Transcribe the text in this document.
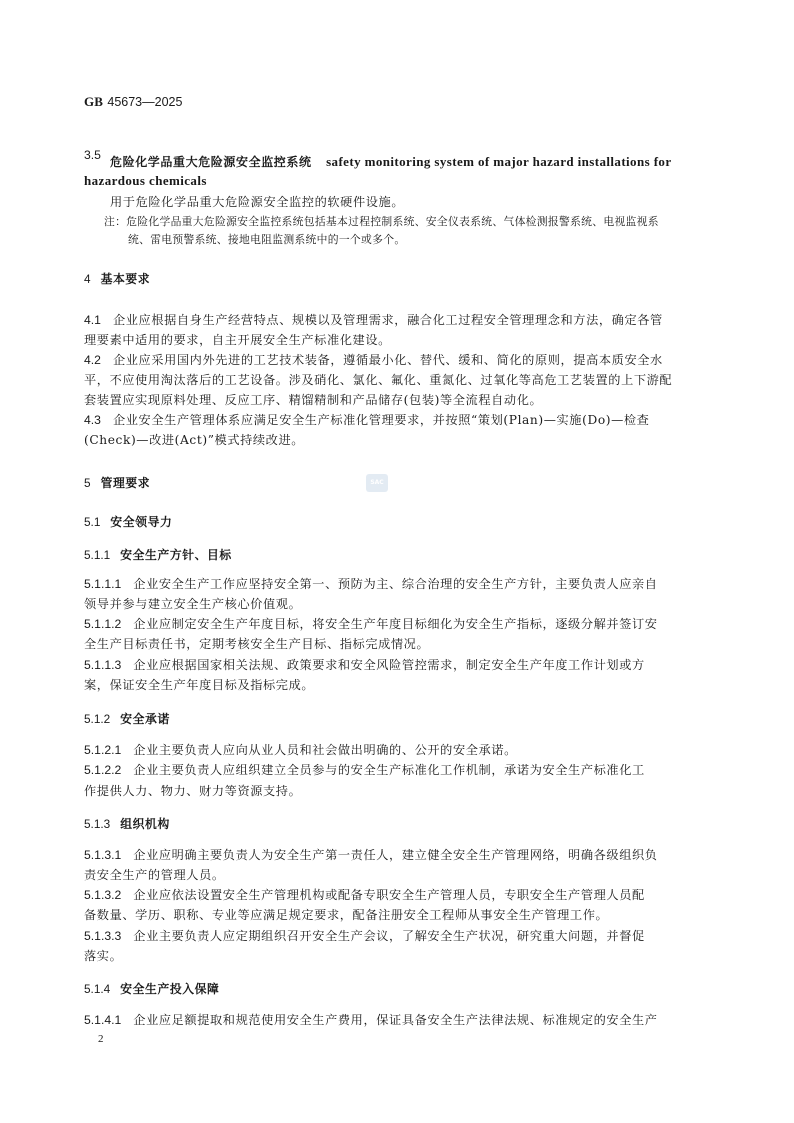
GB 45673—2025
3.5 危险化学品重大危险源安全监控系统 safety monitoring system of major hazard installations for
hazardous chemicals
用于危险化学品重大危险源安全监控的软硬件设施。
注：危险化学品重大危险源安全监控系统包括基本过程控制系统、安全仪表系统、气体检测报警系统、电视监视系
统、雷电预警系统、接地电阻监测系统中的一个或多个。
4 基本要求
4.1 企业应根据自身生产经营特点、规模以及管理需求，融合化工过程安全管理理念和方法，确定各管
理要素中适用的要求，自主开展安全生产标准化建设。
4.2 企业应采用国内外先进的工艺技术装备，遵循最小化、替代、缓和、简化的原则，提高本质安全水
平，不应使用淘汰落后的工艺设备。涉及硝化、氯化、氟化、重氮化、过氧化等高危工艺装置的上下游配
套装置应实现原料处理、反应工序、精馏精制和产品储存(包装)等全流程自动化。
4.3 企业安全生产管理体系应满足安全生产标准化管理要求，并按照“策划(Plan)—实施(Do)—检查
(Check)—改进(Act)”模式持续改进。
5 管理要求	SAC
5.1 安全领导力
5.1.1 安全生产方针、目标
5.1.1.1 企业安全生产工作应坚持安全第一、预防为主、综合治理的安全生产方针，主要负责人应亲自
领导并参与建立安全生产核心价值观。
5.1.1.2 企业应制定安全生产年度目标，将安全生产年度目标细化为安全生产指标，逐级分解并签订安
全生产目标责任书，定期考核安全生产目标、指标完成情况。
5.1.1.3 企业应根据国家相关法规、政策要求和安全风险管控需求，制定安全生产年度工作计划或方
案，保证安全生产年度目标及指标完成。
5.1.2 安全承诺
5.1.2.1 企业主要负责人应向从业人员和社会做出明确的、公开的安全承诺。
5.1.2.2 企业主要负责人应组织建立全员参与的安全生产标准化工作机制，承诺为安全生产标准化工
作提供人力、物力、财力等资源支持。
5.1.3 组织机构
5.1.3.1 企业应明确主要负责人为安全生产第一责任人，建立健全安全生产管理网络，明确各级组织负
责安全生产的管理人员。
5.1.3.2 企业应依法设置安全生产管理机构或配备专职安全生产管理人员，专职安全生产管理人员配
备数量、学历、职称、专业等应满足规定要求，配备注册安全工程师从事安全生产管理工作。
5.1.3.3 企业主要负责人应定期组织召开安全生产会议，了解安全生产状况，研究重大问题，并督促
落实。
5.1.4 安全生产投入保障
5.1.4.1 企业应足额提取和规范使用安全生产费用，保证具备安全生产法律法规、标准规定的安全生产
2
